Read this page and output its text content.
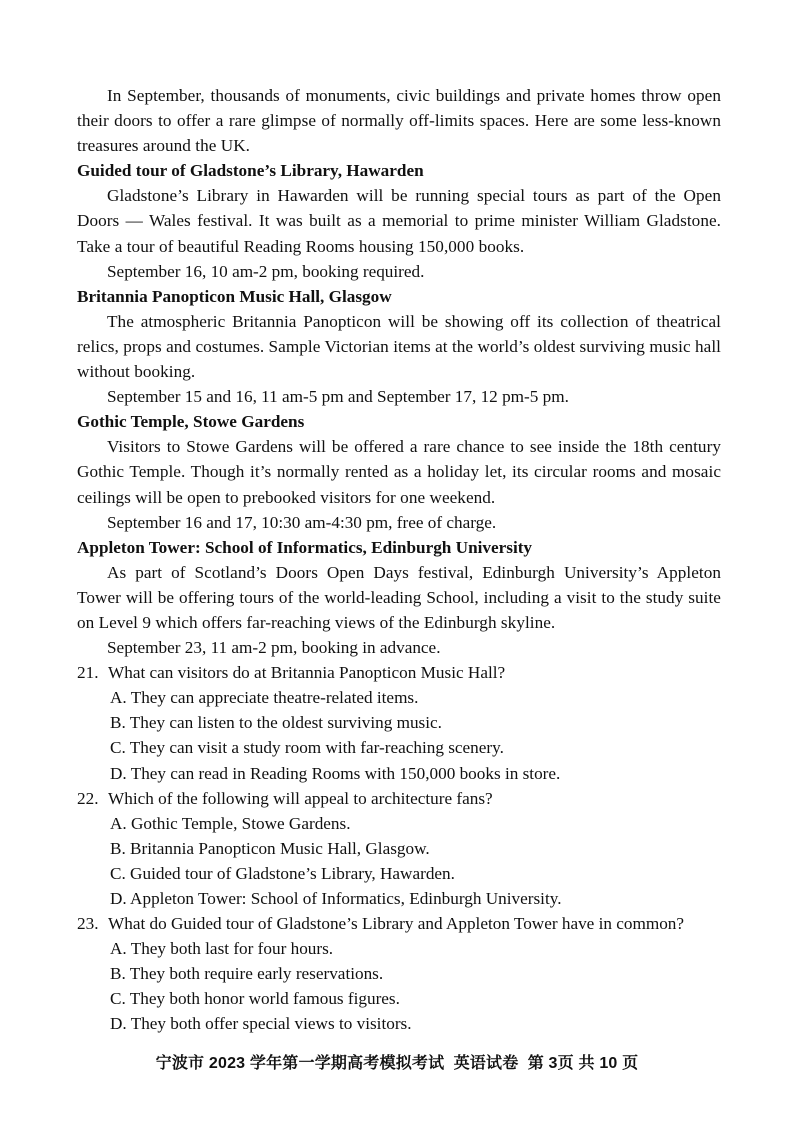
In September, thousands of monuments, civic buildings and private homes throw open their doors to offer a rare glimpse of normally off-limits spaces. Here are some less-known treasures around the UK.

Guided tour of Gladstone’s Library, Hawarden

Gladstone’s Library in Hawarden will be running special tours as part of the Open Doors — Wales festival. It was built as a memorial to prime minister William Gladstone. Take a tour of beautiful Reading Rooms housing 150,000 books.

September 16, 10 am-2 pm, booking required.

Britannia Panopticon Music Hall, Glasgow

The atmospheric Britannia Panopticon will be showing off its collection of theatrical relics, props and costumes. Sample Victorian items at the world’s oldest surviving music hall without booking.

September 15 and 16, 11 am-5 pm and September 17, 12 pm-5 pm.

Gothic Temple, Stowe Gardens

Visitors to Stowe Gardens will be offered a rare chance to see inside the 18th century Gothic Temple. Though it’s normally rented as a holiday let, its circular rooms and mosaic ceilings will be open to prebooked visitors for one weekend.

September 16 and 17, 10:30 am-4:30 pm, free of charge.

Appleton Tower: School of Informatics, Edinburgh University

As part of Scotland’s Doors Open Days festival, Edinburgh University’s Appleton Tower will be offering tours of the world-leading School, including a visit to the study suite on Level 9 which offers far-reaching views of the Edinburgh skyline.

September 23, 11 am-2 pm, booking in advance.

21. What can visitors do at Britannia Panopticon Music Hall?
A. They can appreciate theatre-related items.
B. They can listen to the oldest surviving music.
C. They can visit a study room with far-reaching scenery.
D. They can read in Reading Rooms with 150,000 books in store.
22. Which of the following will appeal to architecture fans?
A. Gothic Temple, Stowe Gardens.
B. Britannia Panopticon Music Hall, Glasgow.
C. Guided tour of Gladstone’s Library, Hawarden.
D. Appleton Tower: School of Informatics, Edinburgh University.
23. What do Guided tour of Gladstone’s Library and Appleton Tower have in common?
A. They both last for four hours.
B. They both require early reservations.
C. They both honor world famous figures.
D. They both offer special views to visitors.
宁波市 2023 学年第一学期高考模拟考试  英语试卷  第 3页 共 10 页
